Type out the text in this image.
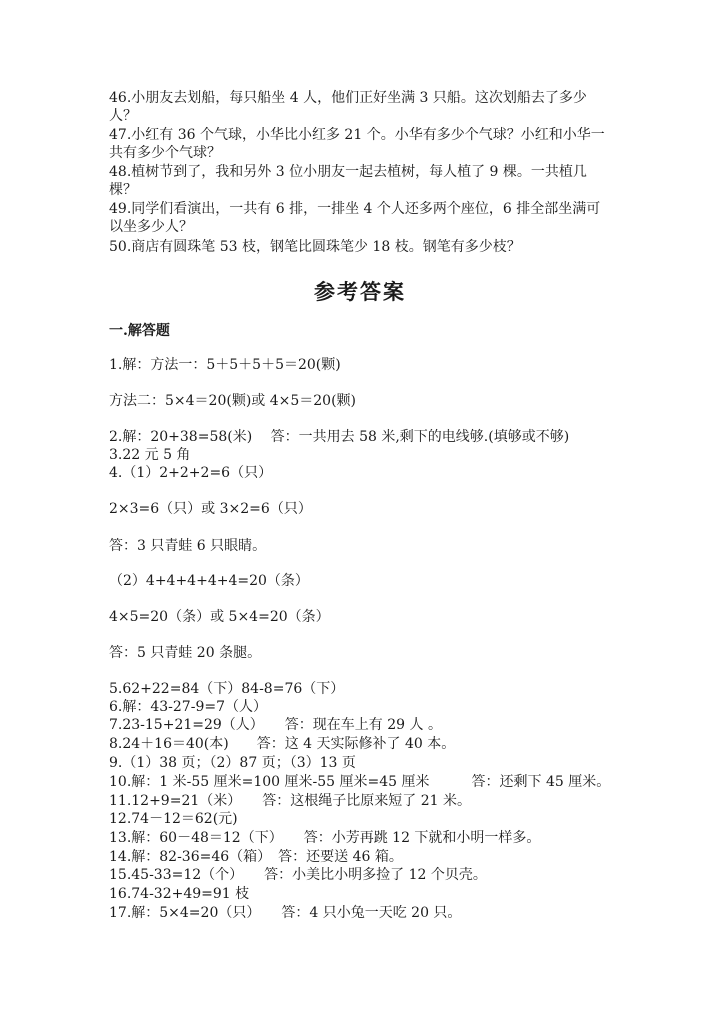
46.小朋友去划船，每只船坐 4 人，他们正好坐满 3 只船。这次划船去了多少
人？
47.小红有 36 个气球，小华比小红多 21 个。小华有多少个气球？小红和小华一
共有多少个气球？
48.植树节到了，我和另外 3 位小朋友一起去植树，每人植了 9 棵。一共植几
棵？
49.同学们看演出，一共有 6 排，一排坐 4 个人还多两个座位，6 排全部坐满可
以坐多少人？
50.商店有圆珠笔 53 枝，钢笔比圆珠笔少 18 枝。钢笔有多少枝？
参考答案
一.解答题
1.解：方法一：5＋5＋5＋5＝20(颗)
方法二：5×4＝20(颗)或 4×5＝20(颗)
2.解：20+38=58(米)　 答：一共用去 58 米,剩下的电线够.(填够或不够)
3.22 元 5 角
4.（1）2+2+2=6（只）
2×3=6（只）或 3×2=6（只）
答：3 只青蛙 6 只眼睛。
（2）4+4+4+4+4=20（条）
4×5=20（条）或 5×4=20（条）
答：5 只青蛙 20 条腿。
5.62+22=84（下）84-8=76（下）
6.解：43-27-9=7（人）
7.23-15+21=29（人）　　答：现在车上有 29 人 。
8.24＋16＝40(本)　　答：这 4 天实际修补了 40 本。
9.（1）38 页；（2）87 页；（3）13 页
10.解：1 米-55 厘米=100 厘米-55 厘米=45 厘米　　　答：还剩下 45 厘米。
11.12+9=21（米）　　答：这根绳子比原来短了 21 米。
12.74－12＝62(元)
13.解：60－48＝12（下）　　答：小芳再跳 12 下就和小明一样多。
14.解：82-36=46（箱）　答：还要送 46 箱。
15.45-33=12（个）　　答：小美比小明多捡了 12 个贝壳。
16.74-32+49=91 枝
17.解：5×4=20（只）　　答：4 只小兔一天吃 20 只。
